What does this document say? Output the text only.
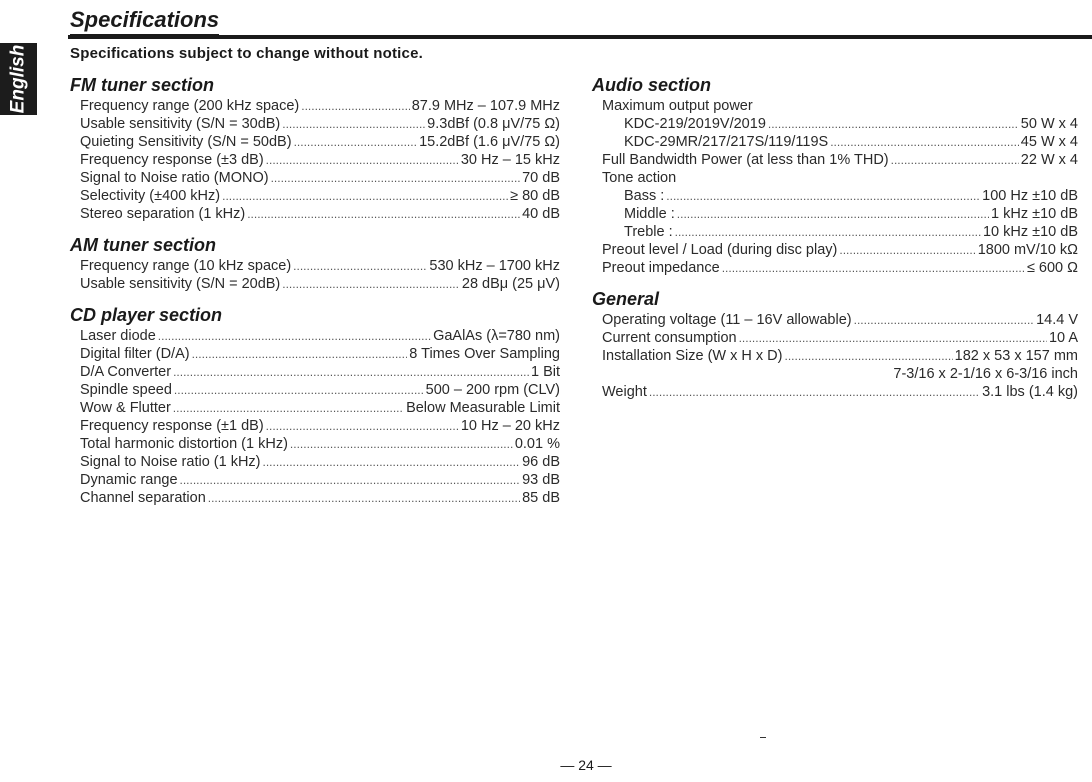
English
Specifications
Specifications subject to change without notice.
FM tuner section
Frequency range (200 kHz space) .....	87.9 MHz – 107.9 MHz
Usable sensitivity (S/N = 30dB) .....	9.3dBf (0.8 μV/75 Ω)
Quieting Sensitivity (S/N = 50dB) .....	15.2dBf (1.6 μV/75 Ω)
Frequency response (±3 dB) .....	30 Hz – 15 kHz
Signal to Noise ratio (MONO) .....	70 dB
Selectivity (±400 kHz) .....	≥ 80 dB
Stereo separation (1 kHz) .....	40 dB
AM tuner section
Frequency range (10 kHz space) .....	530 kHz – 1700 kHz
Usable sensitivity (S/N = 20dB) .....	28 dBμ (25 μV)
CD player section
Laser diode .....	GaAlAs (λ=780 nm)
Digital filter (D/A) .....	8 Times Over Sampling
D/A Converter .....	1 Bit
Spindle speed .....	500 – 200 rpm (CLV)
Wow & Flutter .....	Below Measurable Limit
Frequency response (±1 dB) .....	10 Hz – 20 kHz
Total harmonic distortion (1 kHz) .....	0.01 %
Signal to Noise ratio (1 kHz) .....	96 dB
Dynamic range .....	93 dB
Channel separation .....	85 dB
Audio section
Maximum output power
KDC-219/2019V/2019 .....	50 W x 4
KDC-29MR/217/217S/119/119S .....	45 W x 4
Full Bandwidth Power (at less than 1% THD) .....	22 W x 4
Tone action
Bass : .....	100 Hz ±10 dB
Middle : .....	1 kHz ±10 dB
Treble : .....	10 kHz ±10 dB
Preout level / Load (during disc play) .....	1800 mV/10 kΩ
Preout impedance .....	≤ 600 Ω
General
Operating voltage (11 – 16V allowable) .....	14.4 V
Current consumption .....	10 A
Installation Size (W x H x D) .....	182 x 53 x 157 mm
7-3/16 x 2-1/16 x 6-3/16 inch
Weight .....	3.1 lbs (1.4 kg)
— 24 —
